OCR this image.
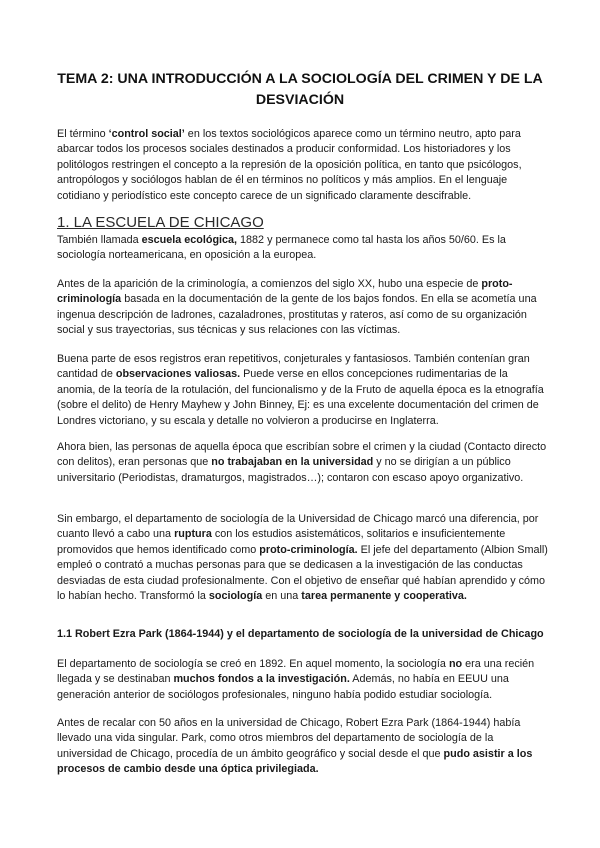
TEMA 2: UNA INTRODUCCIÓN A LA SOCIOLOGÍA DEL CRIMEN Y DE LA DESVIACIÓN
El término ‘control social’ en los textos sociológicos aparece como un término neutro, apto para abarcar todos los procesos sociales destinados a producir conformidad. Los historiadores y los politólogos restringen el concepto a la represión de la oposición política, en tanto que psicólogos, antropólogos y sociólogos hablan de él en términos no políticos y más amplios. En el lenguaje cotidiano y periodístico este concepto carece de un significado claramente descifrable.
1. LA ESCUELA DE CHICAGO
También llamada escuela ecológica, 1882 y permanece como tal hasta los años 50/60. Es la sociología norteamericana, en oposición a la europea.
Antes de la aparición de la criminología, a comienzos del siglo XX, hubo una especie de proto-criminología basada en la documentación de la gente de los bajos fondos. En ella se acometía una ingenua descripción de ladrones, cazaladrones, prostitutas y rateros, así como de su organización social y sus trayectorias, sus técnicas y sus relaciones con las víctimas.
Buena parte de esos registros eran repetitivos, conjeturales y fantasiosos. También contenían gran cantidad de observaciones valiosas. Puede verse en ellos concepciones rudimentarias de la anomia, de la teoría de la rotulación, del funcionalismo y de la Fruto de aquella época es la etnografía (sobre el delito) de Henry Mayhew y John Binney, Ej: es una excelente documentación del crimen de Londres victoriano, y su escala y detalle no volvieron a producirse en Inglaterra.
Ahora bien, las personas de aquella época que escribían sobre el crimen y la ciudad (Contacto directo con delitos), eran personas que no trabajaban en la universidad y no se dirigían a un público universitario (Periodistas, dramaturgos, magistrados…); contaron con escaso apoyo organizativo.
Sin embargo, el departamento de sociología de la Universidad de Chicago marcó una diferencia, por cuanto llevó a cabo una ruptura con los estudios asistemáticos, solitarios e insuficientemente promovidos que hemos identificado como proto-criminología. El jefe del departamento (Albion Small) empleó o contrató a muchas personas para que se dedicasen a la investigación de las conductas desviadas de esta ciudad profesionalmente. Con el objetivo de enseñar qué habían aprendido y cómo lo habían hecho. Transformó la sociología en una tarea permanente y cooperativa.
1.1 Robert Ezra Park (1864-1944) y el departamento de sociología de la universidad de Chicago
El departamento de sociología se creó en 1892. En aquel momento, la sociología no era una recién llegada y se destinaban muchos fondos a la investigación. Además, no había en EEUU una generación anterior de sociólogos profesionales, ninguno había podido estudiar sociología.
Antes de recalar con 50 años en la universidad de Chicago, Robert Ezra Park (1864-1944) había llevado una vida singular. Park, como otros miembros del departamento de sociología de la universidad de Chicago, procedía de un ámbito geográfico y social desde el que pudo asistir a los procesos de cambio desde una óptica privilegiada.
